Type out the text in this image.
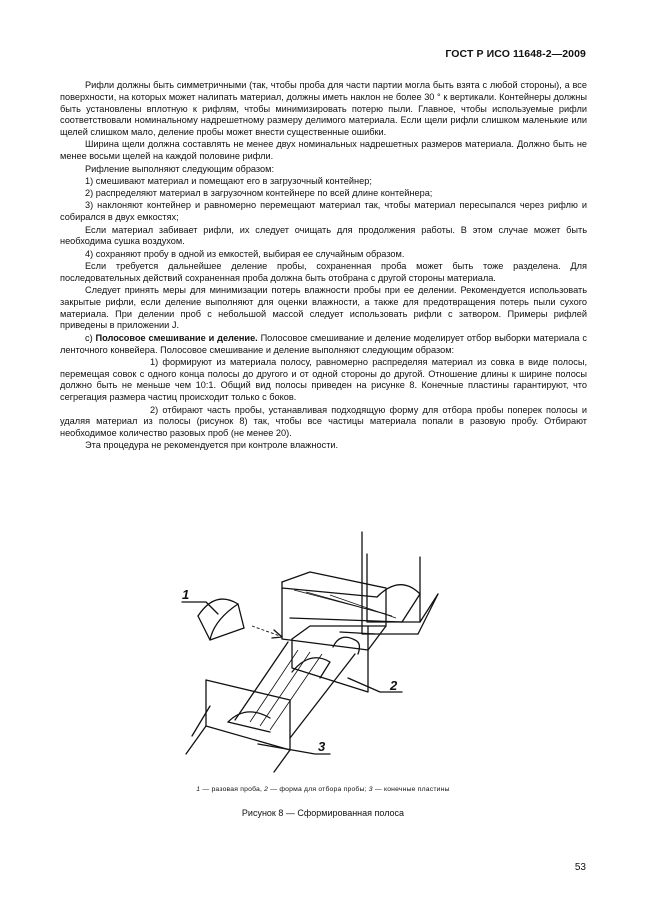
ГОСТ Р ИСО 11648-2—2009

Рифли должны быть симметричными (так, чтобы проба для части партии могла быть взята с любой стороны), а все поверхности, на которых может налипать материал, должны иметь наклон не более 30 ° к вертикали. Контейнеры должны быть установлены вплотную к рифлям, чтобы минимизировать потерю пыли. Главное, чтобы используемые рифли соответствовали номинальному надрешетному размеру делимого материала. Если щели рифли слишком маленькие или щелей слишком мало, деление пробы может внести существенные ошибки.

Ширина щели должна составлять не менее двух номинальных надрешетных размеров материала. Должно быть не менее восьми щелей на каждой половине рифли.

Рифление выполняют следующим образом:

1) смешивают материал и помещают его в загрузочный контейнер;

2) распределяют материал в загрузочном контейнере по всей длине контейнера;

3) наклоняют контейнер и равномерно перемещают материал так, чтобы материал пересыпался через рифлю и собирался в двух емкостях;

Если материал забивает рифли, их следует очищать для продолжения работы. В этом случае может быть необходима сушка воздухом.

4) сохраняют пробу в одной из емкостей, выбирая ее случайным образом.

Если требуется дальнейшее деление пробы, сохраненная проба может быть тоже разделена. Для последовательных действий сохраненная проба должна быть отобрана с другой стороны материала.

Следует принять меры для минимизации потерь влажности пробы при ее делении. Рекомендуется использовать закрытые рифли, если деление выполняют для оценки влажности, а также для предотвращения потерь пыли сухого материала. При делении проб с небольшой массой следует использовать рифли с затвором. Примеры рифлей приведены в приложении J.

с) Полосовое смешивание и деление. Полосовое смешивание и деление моделирует отбор выборки материала с ленточного конвейера. Полосовое смешивание и деление выполняют следующим образом:

1) формируют из материала полосу, равномерно распределяя материал из совка в виде полосы, перемещая совок с одного конца полосы до другого и от одной стороны до другой. Отношение длины к ширине полосы должно быть не меньше чем 10:1. Общий вид полосы приведен на рисунке 8. Конечные пластины гарантируют, что сегрегация размера частиц происходит только с боков.

2) отбирают часть пробы, устанавливая подходящую форму для отбора пробы поперек полосы и удаляя материал из полосы (рисунок 8) так, чтобы все частицы материала попали в разовую пробу. Отбирают необходимое количество разовых проб (не менее 20).

Эта процедура не рекомендуется при контроле влажности.

1
2
3
1 — разовая проба, 2 — форма для отбора пробы; 3 — конечные пластины
Рисунок 8 — Сформированная полоса
53
